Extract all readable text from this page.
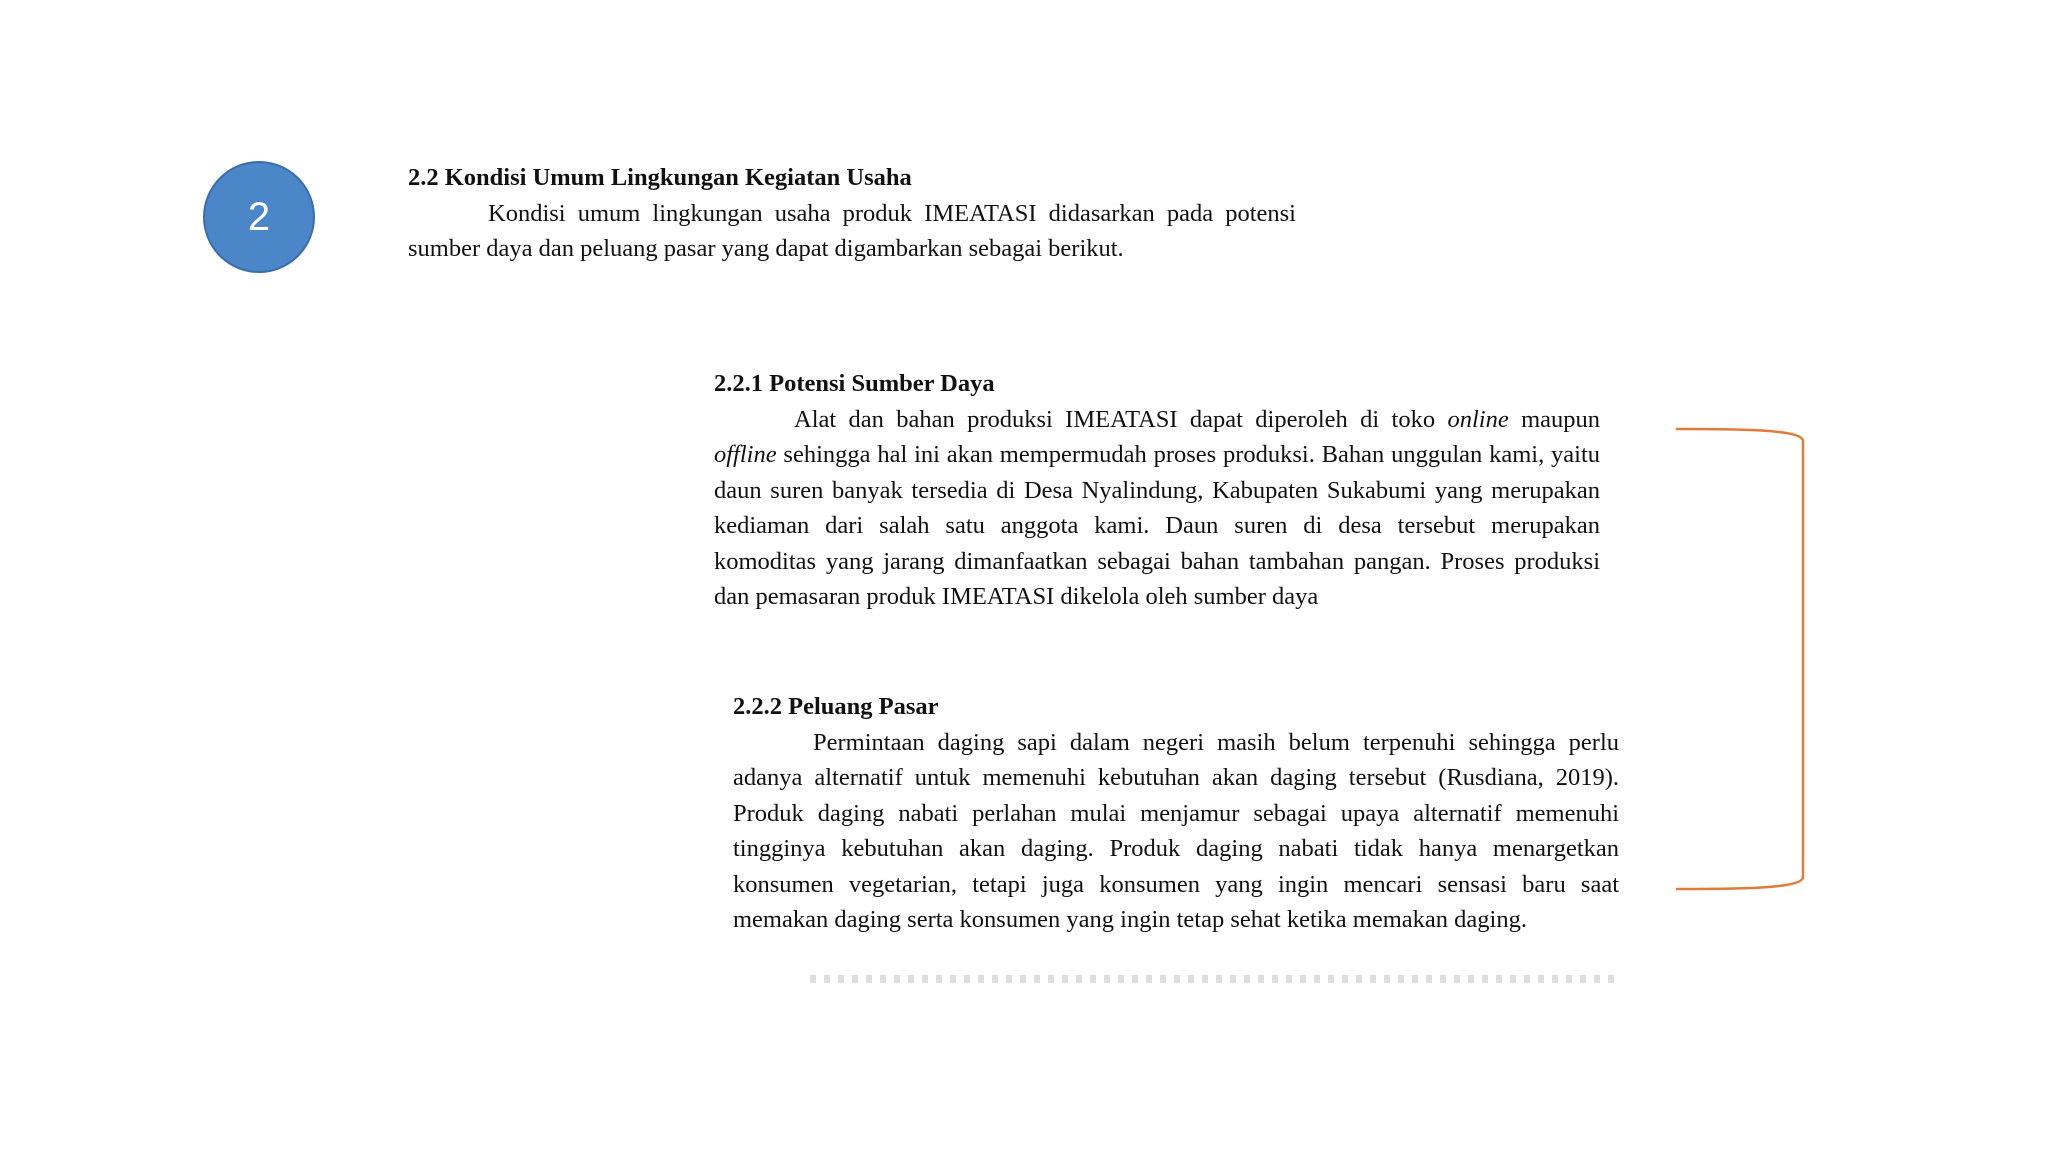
2
2.2 Kondisi Umum Lingkungan Kegiatan Usaha
Kondisi umum lingkungan usaha produk IMEATASI didasarkan pada potensi sumber daya dan peluang pasar yang dapat digambarkan sebagai berikut.
2.2.1 Potensi Sumber Daya
Alat dan bahan produksi IMEATASI dapat diperoleh di toko online maupun offline sehingga hal ini akan mempermudah proses produksi. Bahan unggulan kami, yaitu daun suren banyak tersedia di Desa Nyalindung, Kabupaten Sukabumi yang merupakan kediaman dari salah satu anggota kami. Daun suren di desa tersebut merupakan komoditas yang jarang dimanfaatkan sebagai bahan tambahan pangan. Proses produksi dan pemasaran produk IMEATASI dikelola oleh sumber daya
2.2.2 Peluang Pasar
Permintaan daging sapi dalam negeri masih belum terpenuhi sehingga perlu adanya alternatif untuk memenuhi kebutuhan akan daging tersebut (Rusdiana, 2019). Produk daging nabati perlahan mulai menjamur sebagai upaya alternatif memenuhi tingginya kebutuhan akan daging. Produk daging nabati tidak hanya menargetkan konsumen vegetarian, tetapi juga konsumen yang ingin mencari sensasi baru saat memakan daging serta konsumen yang ingin tetap sehat ketika memakan daging.
